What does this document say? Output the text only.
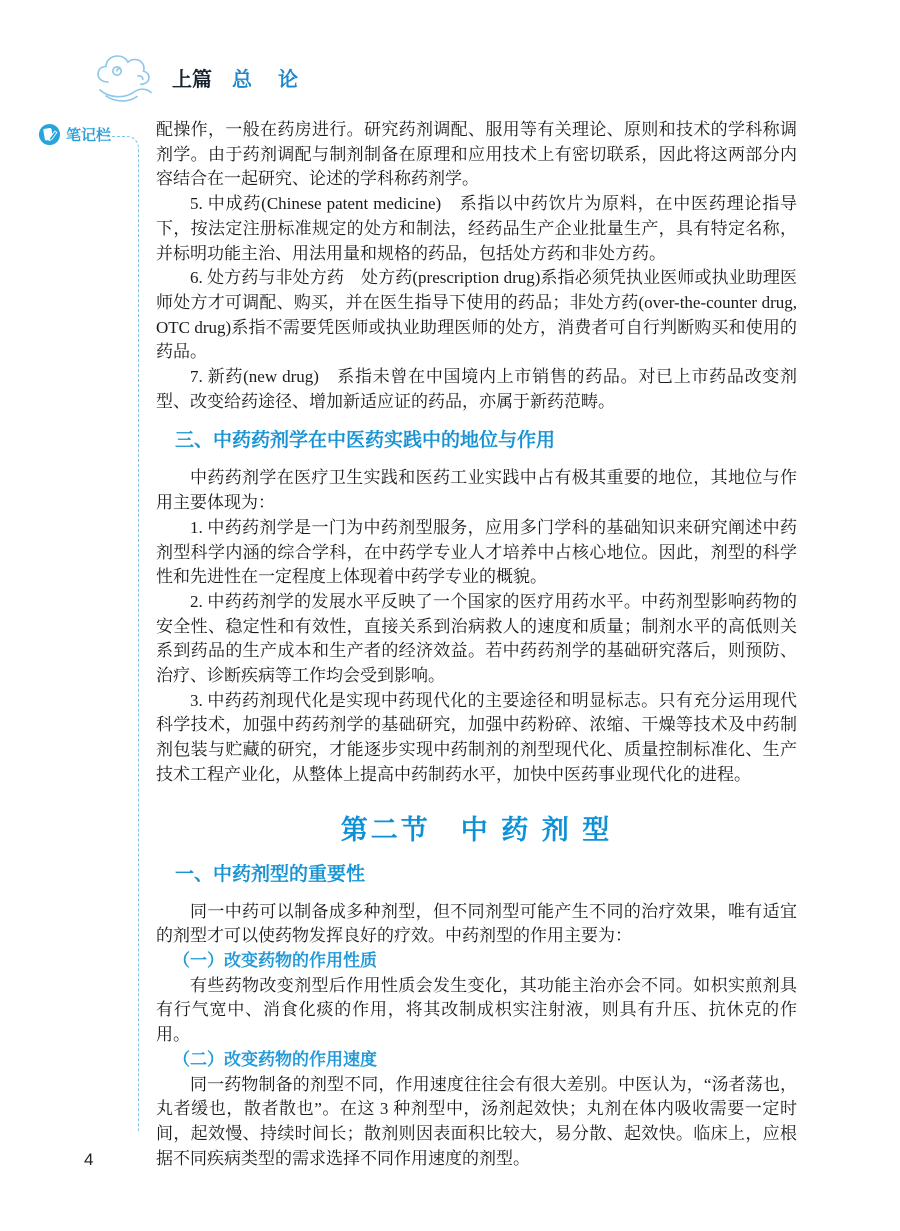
上篇 总论
笔记栏	配操作，一般在药房进行。研究药剂调配、服用等有关理论、原则和技术的学科称调剂学。由于药剂调配与制剂制备在原理和应用技术上有密切联系，因此将这两部分内容结合在一起研究、论述的学科称药剂学。

5. 中成药(Chinese patent medicine)　系指以中药饮片为原料，在中医药理论指导下，按法定注册标准规定的处方和制法，经药品生产企业批量生产，具有特定名称，并标明功能主治、用法用量和规格的药品，包括处方药和非处方药。

6. 处方药与非处方药　处方药(prescription drug)系指必须凭执业医师或执业助理医师处方才可调配、购买，并在医生指导下使用的药品；非处方药(over-the-counter drug, OTC drug)系指不需要凭医师或执业助理医师的处方，消费者可自行判断购买和使用的药品。

7. 新药(new drug)　系指未曾在中国境内上市销售的药品。对已上市药品改变剂型、改变给药途径、增加新适应证的药品，亦属于新药范畴。

三、中药药剂学在中医药实践中的地位与作用

中药药剂学在医疗卫生实践和医药工业实践中占有极其重要的地位，其地位与作用主要体现为：

1. 中药药剂学是一门为中药剂型服务，应用多门学科的基础知识来研究阐述中药剂型科学内涵的综合学科，在中药学专业人才培养中占核心地位。因此，剂型的科学性和先进性在一定程度上体现着中药学专业的概貌。

2. 中药药剂学的发展水平反映了一个国家的医疗用药水平。中药剂型影响药物的安全性、稳定性和有效性，直接关系到治病救人的速度和质量；制剂水平的高低则关系到药品的生产成本和生产者的经济效益。若中药药剂学的基础研究落后，则预防、治疗、诊断疾病等工作均会受到影响。

3. 中药药剂现代化是实现中药现代化的主要途径和明显标志。只有充分运用现代科学技术，加强中药药剂学的基础研究，加强中药粉碎、浓缩、干燥等技术及中药制剂包装与贮藏的研究，才能逐步实现中药制剂的剂型现代化、质量控制标准化、生产技术工程产业化，从整体上提高中药制药水平，加快中医药事业现代化的进程。

第二节　中 药 剂 型
一、中药剂型的重要性

同一中药可以制备成多种剂型，但不同剂型可能产生不同的治疗效果，唯有适宜的剂型才可以使药物发挥良好的疗效。中药剂型的作用主要为：

（一）改变药物的作用性质

有些药物改变剂型后作用性质会发生变化，其功能主治亦会不同。如枳实煎剂具有行气宽中、消食化痰的作用，将其改制成枳实注射液，则具有升压、抗休克的作用。

（二）改变药物的作用速度

同一药物制备的剂型不同，作用速度往往会有很大差别。中医认为，“汤者荡也，丸者缓也，散者散也”。在这 3 种剂型中，汤剂起效快；丸剂在体内吸收需要一定时间，起效慢、持续时间长；散剂则因表面积比较大，易分散、起效快。临床上，应根据不同疾病类型的需求选择不同作用速度的剂型。

4
